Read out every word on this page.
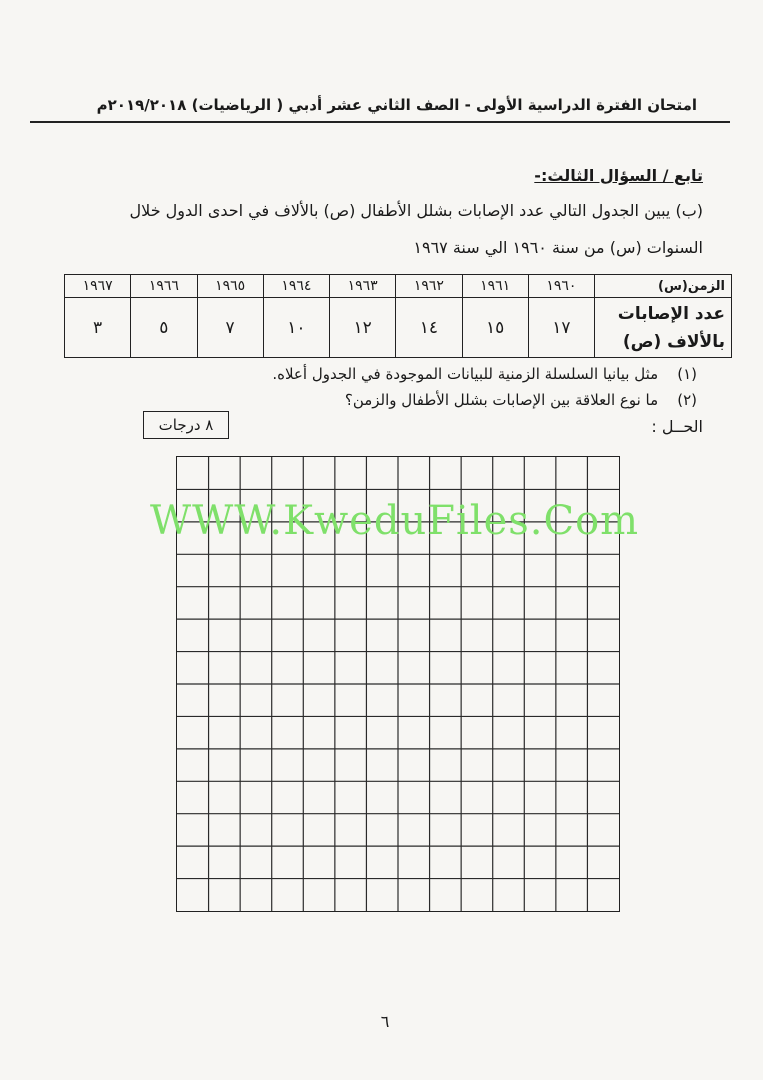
امتحان الفترة الدراسية الأولى - الصف الثاني عشر أدبي ( الرياضيات) ٢٠١٩/٢٠١٨م
تابع / السؤال الثالث:-
(ب) يبين الجدول التالي عدد الإصابات بشلل الأطفال (ص) بالألاف في احدى الدول خلال
السنوات (س) من سنة ١٩٦٠ الي سنة ١٩٦٧
الزمن(س)	١٩٦٠	١٩٦١	١٩٦٢	١٩٦٣	١٩٦٤	١٩٦٥	١٩٦٦	١٩٦٧

عدد الإصابات
بالألاف (ص)	١٧	١٥	١٤	١٢	١٠	٧	٥	٣
(١)    مثل بيانيا السلسلة الزمنية للبيانات الموجودة في الجدول أعلاه.
(٢)    ما نوع العلاقة بين الإصابات بشلل الأطفال والزمن؟
٨ درجات	الحــل :
WWW.KweduFiles.Com
٦
